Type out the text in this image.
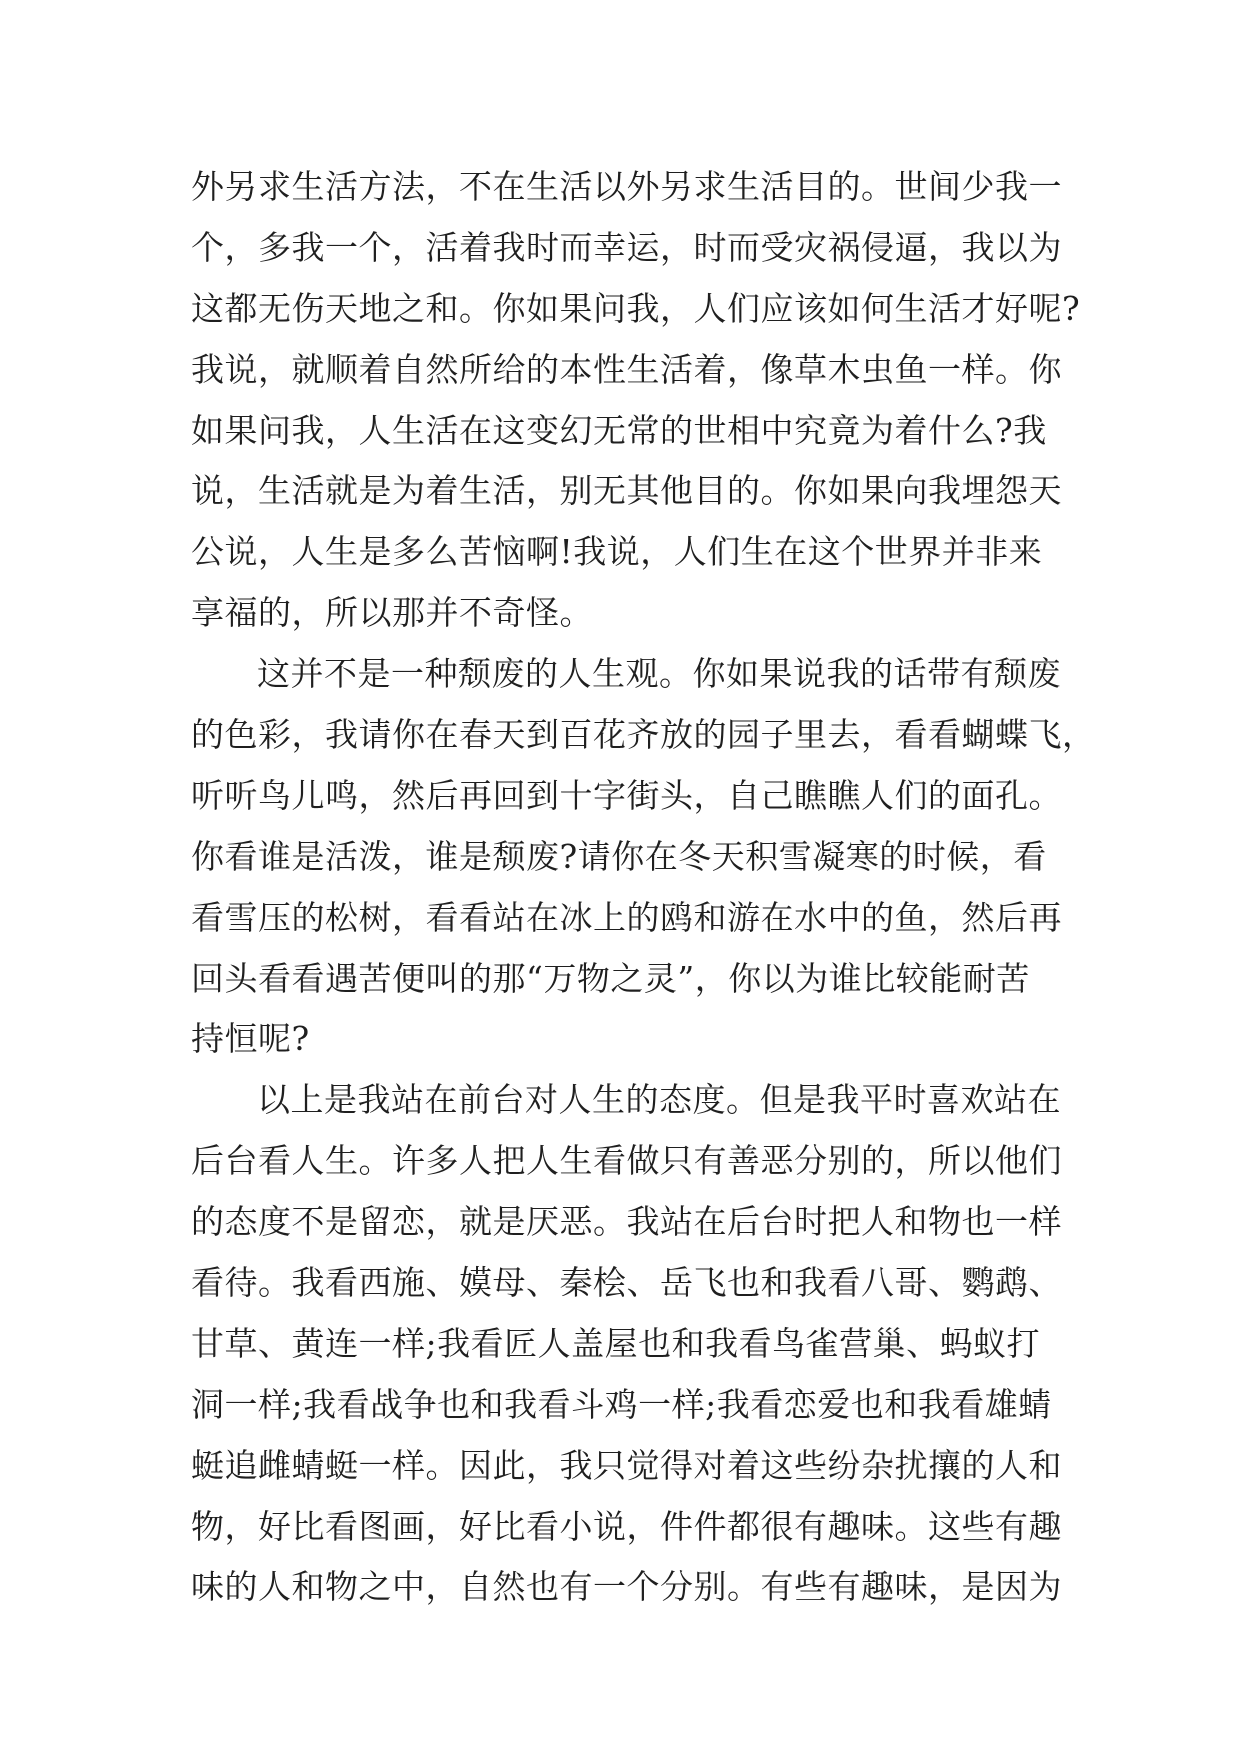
外另求生活方法，不在生活以外另求生活目的。世间少我一
个，多我一个，活着我时而幸运，时而受灾祸侵逼，我以为
这都无伤天地之和。你如果问我，人们应该如何生活才好呢?
我说，就顺着自然所给的本性生活着，像草木虫鱼一样。你
如果问我，人生活在这变幻无常的世相中究竟为着什么?我
说，生活就是为着生活，别无其他目的。你如果向我埋怨天
公说，人生是多么苦恼啊!我说，人们生在这个世界并非来
享福的，所以那并不奇怪。
这并不是一种颓废的人生观。你如果说我的话带有颓废
的色彩，我请你在春天到百花齐放的园子里去，看看蝴蝶飞，
听听鸟儿鸣，然后再回到十字街头，自己瞧瞧人们的面孔。
你看谁是活泼，谁是颓废?请你在冬天积雪凝寒的时候，看
看雪压的松树，看看站在冰上的鸥和游在水中的鱼，然后再
回头看看遇苦便叫的那“万物之灵”，你以为谁比较能耐苦
持恒呢?
以上是我站在前台对人生的态度。但是我平时喜欢站在
后台看人生。许多人把人生看做只有善恶分别的，所以他们
的态度不是留恋，就是厌恶。我站在后台时把人和物也一样
看待。我看西施、嫫母、秦桧、岳飞也和我看八哥、鹦鹉、
甘草、黄连一样;我看匠人盖屋也和我看鸟雀营巢、蚂蚁打
洞一样;我看战争也和我看斗鸡一样;我看恋爱也和我看雄蜻
蜓追雌蜻蜓一样。因此，我只觉得对着这些纷杂扰攘的人和
物，好比看图画，好比看小说，件件都很有趣味。这些有趣
味的人和物之中，自然也有一个分别。有些有趣味，是因为
